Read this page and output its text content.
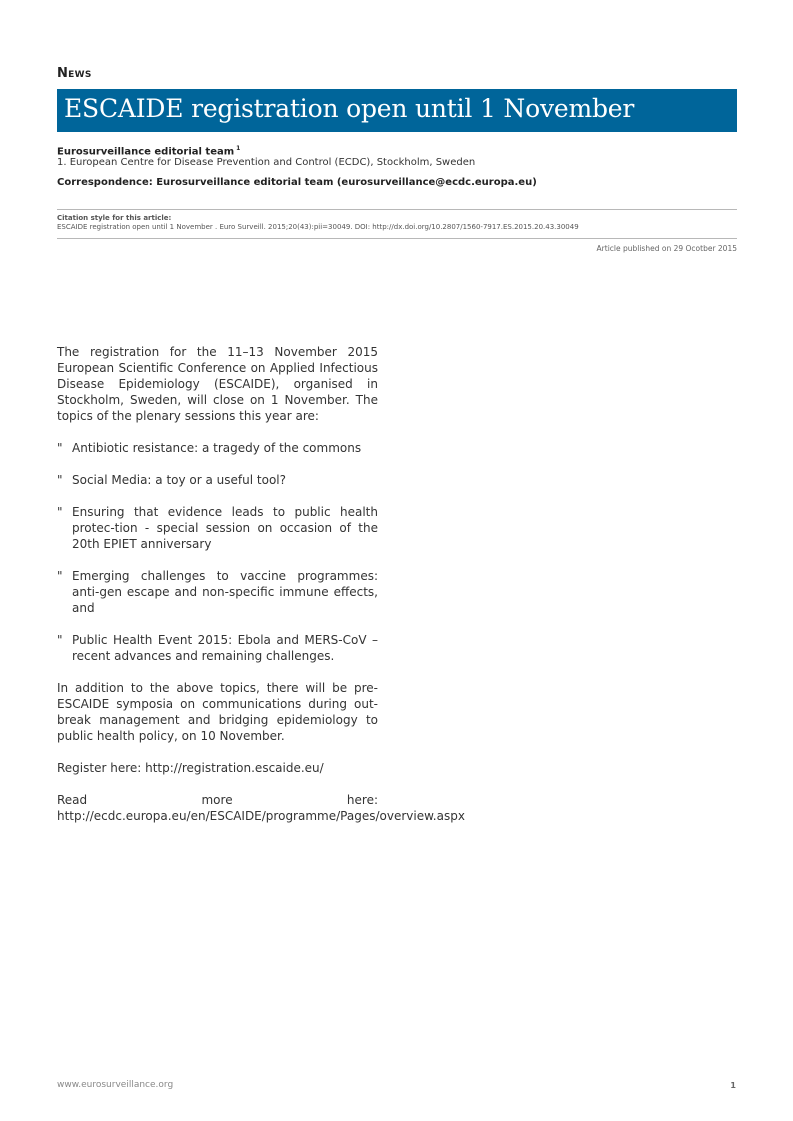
News
ESCAIDE registration open until 1 November
Eurosurveillance editorial team $^1$
1. European Centre for Disease Prevention and Control (ECDC), Stockholm, Sweden
Correspondence: Eurosurveillance editorial team (eurosurveillance@ecdc.europa.eu)
Citation style for this article:
ESCAIDE registration open until 1 November . Euro Surveill. 2015;20(43):pii=30049. DOI: http://dx.doi.org/10.2807/1560-7917.ES.2015.20.43.30049
Article published on 29 Ocotber 2015

The registration for the 11–13 November 2015 European Scientific Conference on Applied Infectious Disease Epidemiology (ESCAIDE), organised in Stockholm, Sweden, will close on 1 November. The topics of the plenary sessions this year are:

" Antibiotic resistance: a tragedy of the commons
" Social Media: a toy or a useful tool?
" Ensuring that evidence leads to public health protec-tion - special session on occasion of the 20th EPIET anniversary
" Emerging challenges to vaccine programmes: anti-gen escape and non-specific immune effects, and
" Public Health Event 2015: Ebola and MERS-CoV – recent advances and remaining challenges.

In addition to the above topics, there will be pre-ESCAIDE symposia on communications during out-break management and bridging epidemiology to public health policy, on 10 November.

Register here: http://registration.escaide.eu/

Read more here: http://ecdc.europa.eu/en/ESCAIDE/programme/Pages/overview.aspx

www.eurosurveillance.org	1
